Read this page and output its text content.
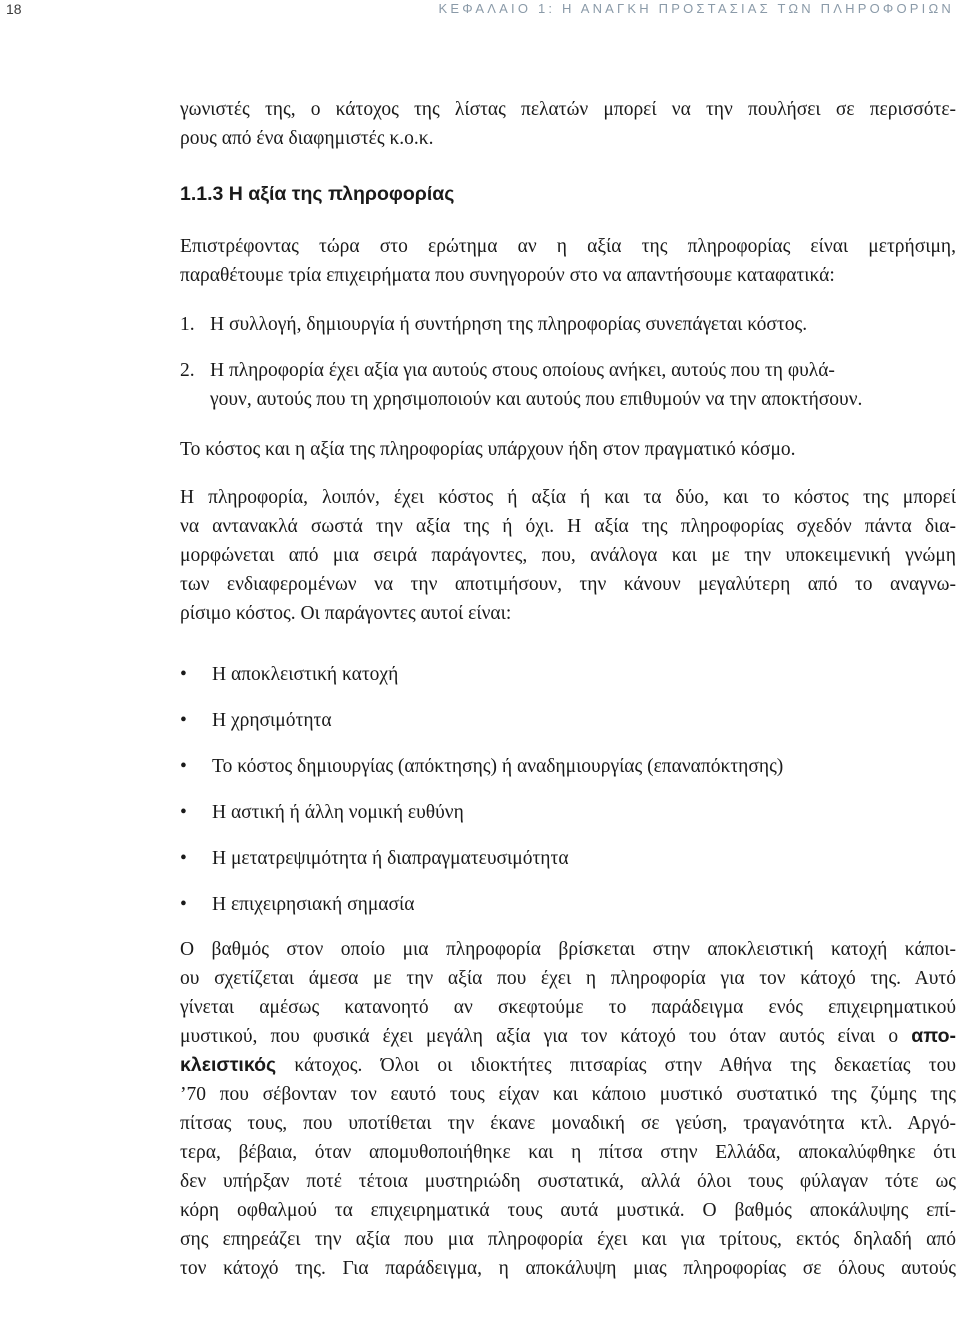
18	ΚΕΦΑΛΑΙΟ 1: Η ΑΝΑΓΚΗ ΠΡΟΣΤΑΣΙΑΣ ΤΩΝ ΠΛΗΡΟΦΟΡΙΩΝ
γωνιστές της, ο κάτοχος της λίστας πελατών μπορεί να την πουλήσει σε περισσότε-
ρους από ένα διαφημιστές κ.ο.κ.
1.1.3 Η αξία της πληροφορίας
Επιστρέφοντας τώρα στο ερώτημα αν η αξία της πληροφορίας είναι μετρήσιμη,
παραθέτουμε τρία επιχειρήματα που συνηγορούν στο να απαντήσουμε καταφατικά:
1. Η συλλογή, δημιουργία ή συντήρηση της πληροφορίας συνεπάγεται κόστος.
2. Η πληροφορία έχει αξία για αυτούς στους οποίους ανήκει, αυτούς που τη φυλά-
γουν, αυτούς που τη χρησιμοποιούν και αυτούς που επιθυμούν να την αποκτήσουν.
Το κόστος και η αξία της πληροφορίας υπάρχουν ήδη στον πραγματικό κόσμο.
Η πληροφορία, λοιπόν, έχει κόστος ή αξία ή και τα δύο, και το κόστος της μπορεί
να αντανακλά σωστά την αξία της ή όχι. Η αξία της πληροφορίας σχεδόν πάντα δια-
μορφώνεται από μια σειρά παράγοντες, που, ανάλογα και με την υποκειμενική γνώμη
των ενδιαφερομένων να την αποτιμήσουν, την κάνουν μεγαλύτερη από το αναγνω-
ρίσιμο κόστος. Οι παράγοντες αυτοί είναι:
• Η αποκλειστική κατοχή
• Η χρησιμότητα
• Το κόστος δημιουργίας (απόκτησης) ή αναδημιουργίας (επαναπόκτησης)
• Η αστική ή άλλη νομική ευθύνη
• Η μετατρεψιμότητα ή διαπραγματευσιμότητα
• Η επιχειρησιακή σημασία
Ο βαθμός στον οποίο μια πληροφορία βρίσκεται στην αποκλειστική κατοχή κάποι-
ου σχετίζεται άμεσα με την αξία που έχει η πληροφορία για τον κάτοχό της. Αυτό
γίνεται αμέσως κατανοητό αν σκεφτούμε το παράδειγμα ενός επιχειρηματικού
μυστικού, που φυσικά έχει μεγάλη αξία για τον κάτοχό του όταν αυτός είναι ο απο-
κλειστικός κάτοχος. Όλοι οι ιδιοκτήτες πιτσαρίας στην Αθήνα της δεκαετίας του
’70 που σέβονταν τον εαυτό τους είχαν και κάποιο μυστικό συστατικό της ζύμης της
πίτσας τους, που υποτίθεται την έκανε μοναδική σε γεύση, τραγανότητα κτλ. Αργό-
τερα, βέβαια, όταν απομυθοποιήθηκε και η πίτσα στην Ελλάδα, αποκαλύφθηκε ότι
δεν υπήρξαν ποτέ τέτοια μυστηριώδη συστατικά, αλλά όλοι τους φύλαγαν τότε ως
κόρη οφθαλμού τα επιχειρηματικά τους αυτά μυστικά. Ο βαθμός αποκάλυψης επί-
σης επηρεάζει την αξία που μια πληροφορία έχει και για τρίτους, εκτός δηλαδή από
τον κάτοχό της. Για παράδειγμα, η αποκάλυψη μιας πληροφορίας σε όλους αυτούς
